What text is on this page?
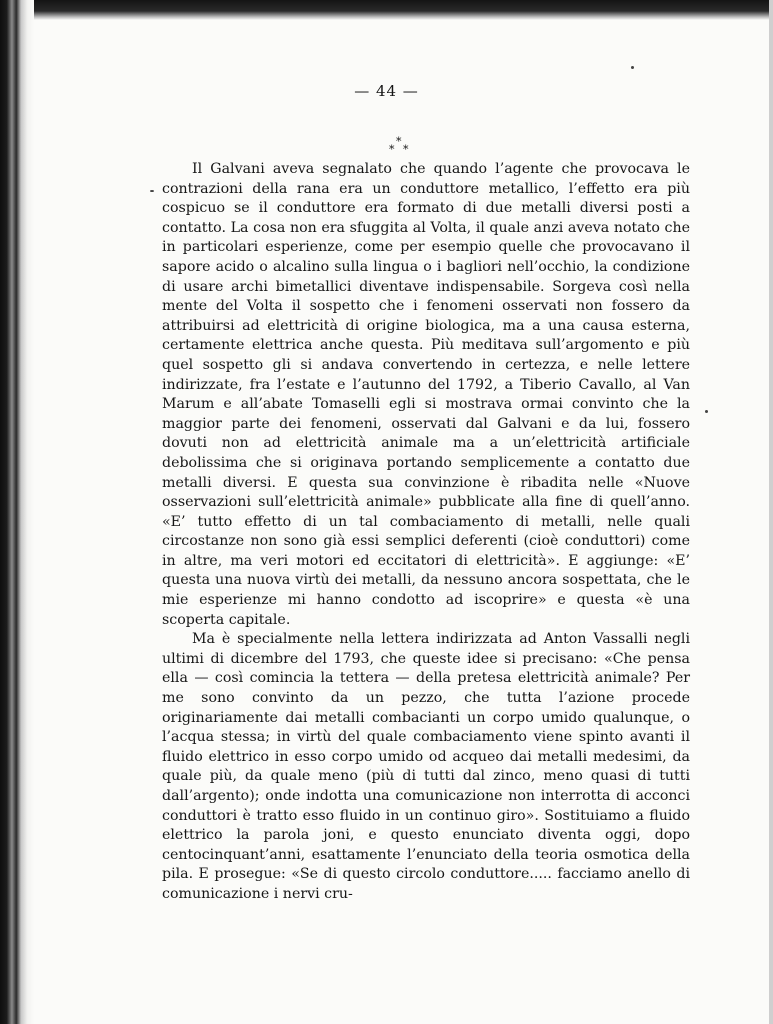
— 44 —
*
* *

Il Galvani aveva segnalato che quando l’agente che provocava le contrazioni della rana era un conduttore metallico, l’effetto era più cospicuo se il conduttore era formato di due metalli diversi posti a contatto. La cosa non era sfuggita al Volta, il quale anzi aveva notato che in particolari esperienze, come per esempio quelle che provocavano il sapore acido o alcalino sulla lingua o i bagliori nell’occhio, la condizione di usare archi bimetallici diventave indispensabile. Sorgeva così nella mente del Volta il sospetto che i fenomeni osservati non fossero da attribuirsi ad elettricità di origine biologica, ma a una causa esterna, certamente elettrica anche questa. Più meditava sull’argomento e più quel sospetto gli si andava convertendo in certezza, e nelle lettere indirizzate, fra l’estate e l’autunno del 1792, a Tiberio Cavallo, al Van Marum e all’abate Tomaselli egli si mostrava ormai convinto che la maggior parte dei fenomeni, osservati dal Galvani e da lui, fossero dovuti non ad elettricità animale ma a un’elettricità artificiale debolissima che si originava portando semplicemente a contatto due metalli diversi. E questa sua convinzione è ribadita nelle «Nuove osservazioni sull’elettricità animale» pubblicate alla fine di quell’anno. «E’ tutto effetto di un tal combaciamento di metalli, nelle quali circostanze non sono già essi semplici deferenti (cioè conduttori) come in altre, ma veri motori ed eccitatori di elettricità». E aggiunge: «E’ questa una nuova virtù dei metalli, da nessuno ancora sospettata, che le mie esperienze mi hanno condotto ad iscoprire» e questa «è una scoperta capitale.

Ma è specialmente nella lettera indirizzata ad Anton Vassalli negli ultimi di dicembre del 1793, che queste idee si precisano: «Che pensa ella — così comincia la tettera — della pretesa elettricità animale? Per me sono convinto da un pezzo, che tutta l’azione procede originariamente dai metalli combacianti un corpo umido qualunque, o l’acqua stessa; in virtù del quale combaciamento viene spinto avanti il fluido elettrico in esso corpo umido od acqueo dai metalli medesimi, da quale più, da quale meno (più di tutti dal zinco, meno quasi di tutti dall’argento); onde indotta una comunicazione non interrotta di acconci conduttori è tratto esso fluido in un continuo giro». Sostituiamo a fluido elettrico la parola joni, e questo enunciato diventa oggi, dopo centocinquant’anni, esattamente l’enunciato della teoria osmotica della pila. E prosegue: «Se di questo circolo conduttore..... facciamo anello di comunicazione i nervi cru-
